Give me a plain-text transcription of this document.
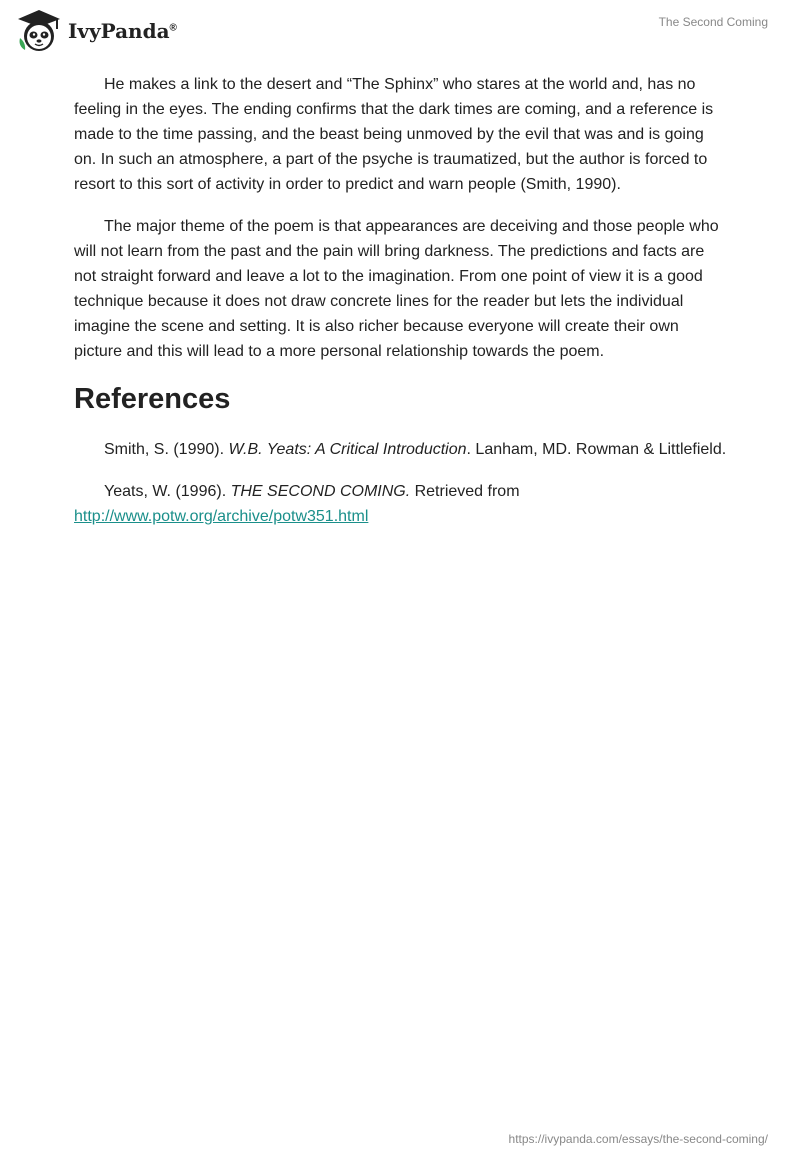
IvyPanda®	The Second Coming

He makes a link to the desert and “The Sphinx” who stares at the world and, has no feeling in the eyes. The ending confirms that the dark times are coming, and a reference is made to the time passing, and the beast being unmoved by the evil that was and is going on. In such an atmosphere, a part of the psyche is traumatized, but the author is forced to resort to this sort of activity in order to predict and warn people (Smith, 1990).

The major theme of the poem is that appearances are deceiving and those people who will not learn from the past and the pain will bring darkness. The predictions and facts are not straight forward and leave a lot to the imagination. From one point of view it is a good technique because it does not draw concrete lines for the reader but lets the individual imagine the scene and setting. It is also richer because everyone will create their own picture and this will lead to a more personal relationship towards the poem.

References

Smith, S. (1990). W.B. Yeats: A Critical Introduction. Lanham, MD. Rowman & Littlefield.

Yeats, W. (1996). THE SECOND COMING. Retrieved from http://www.potw.org/archive/potw351.html

https://ivypanda.com/essays/the-second-coming/
